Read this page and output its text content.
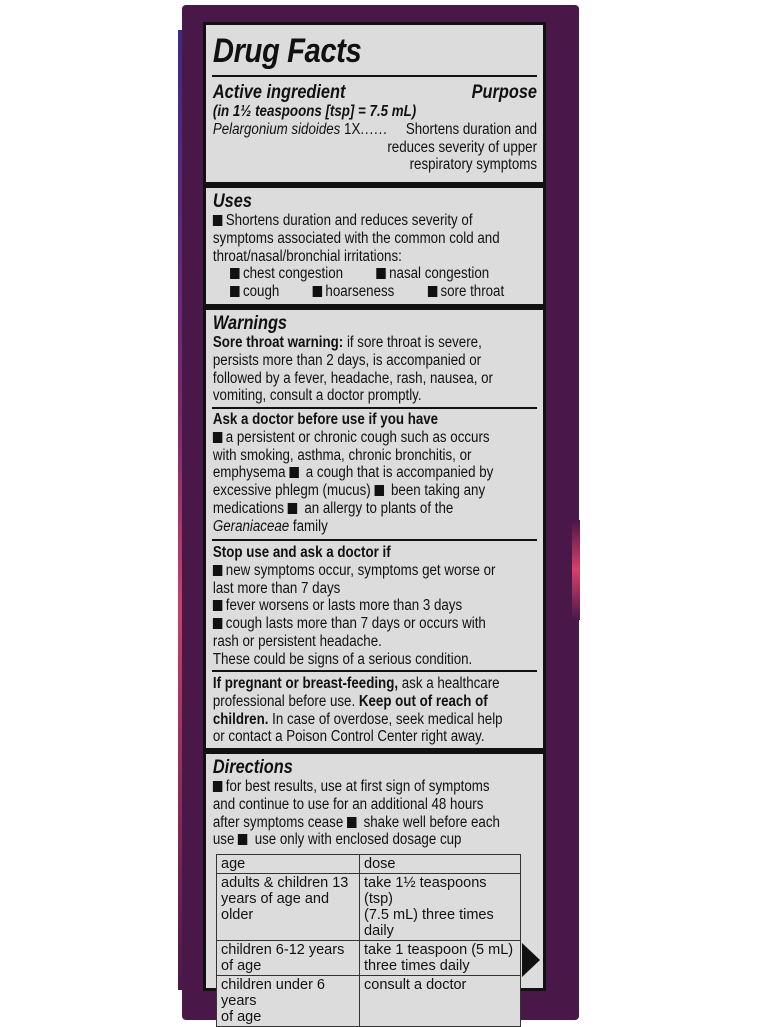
Drug Facts
Active ingredient	Purpose
(in 1½ teaspoons [tsp] = 7.5 mL)
Pelargonium sidoides 1X...... Shortens duration and
reduces severity of upper
respiratory symptoms
Uses
Shortens duration and reduces severity of
symptoms associated with the common cold and
throat/nasal/bronchial irritations:
chest congestion	nasal congestion
cough	hoarseness	sore throat
Warnings
Sore throat warning: if sore throat is severe,
persists more than 2 days, is accompanied or
followed by a fever, headache, rash, nausea, or
vomiting, consult a doctor promptly.
Ask a doctor before use if you have
a persistent or chronic cough such as occurs
with smoking, asthma, chronic bronchitis, or
emphysema  a cough that is accompanied by
excessive phlegm (mucus)  been taking any
medications  an allergy to plants of the
Geraniaceae family
Stop use and ask a doctor if
new symptoms occur, symptoms get worse or
last more than 7 days
fever worsens or lasts more than 3 days
cough lasts more than 7 days or occurs with
rash or persistent headache.
These could be signs of a serious condition.
If pregnant or breast-feeding, ask a healthcare
professional before use. Keep out of reach of
children. In case of overdose, seek medical help
or contact a Poison Control Center right away.
Directions
for best results, use at first sign of symptoms
and continue to use for an additional 48 hours
after symptoms cease  shake well before each
use  use only with enclosed dosage cup
age	dose
adults & children 13
years of age and older	take 1½ teaspoons (tsp)
(7.5 mL) three times daily
children 6-12 years
of age	take 1 teaspoon (5 mL)
three times daily
children under 6 years
of age	consult a doctor
